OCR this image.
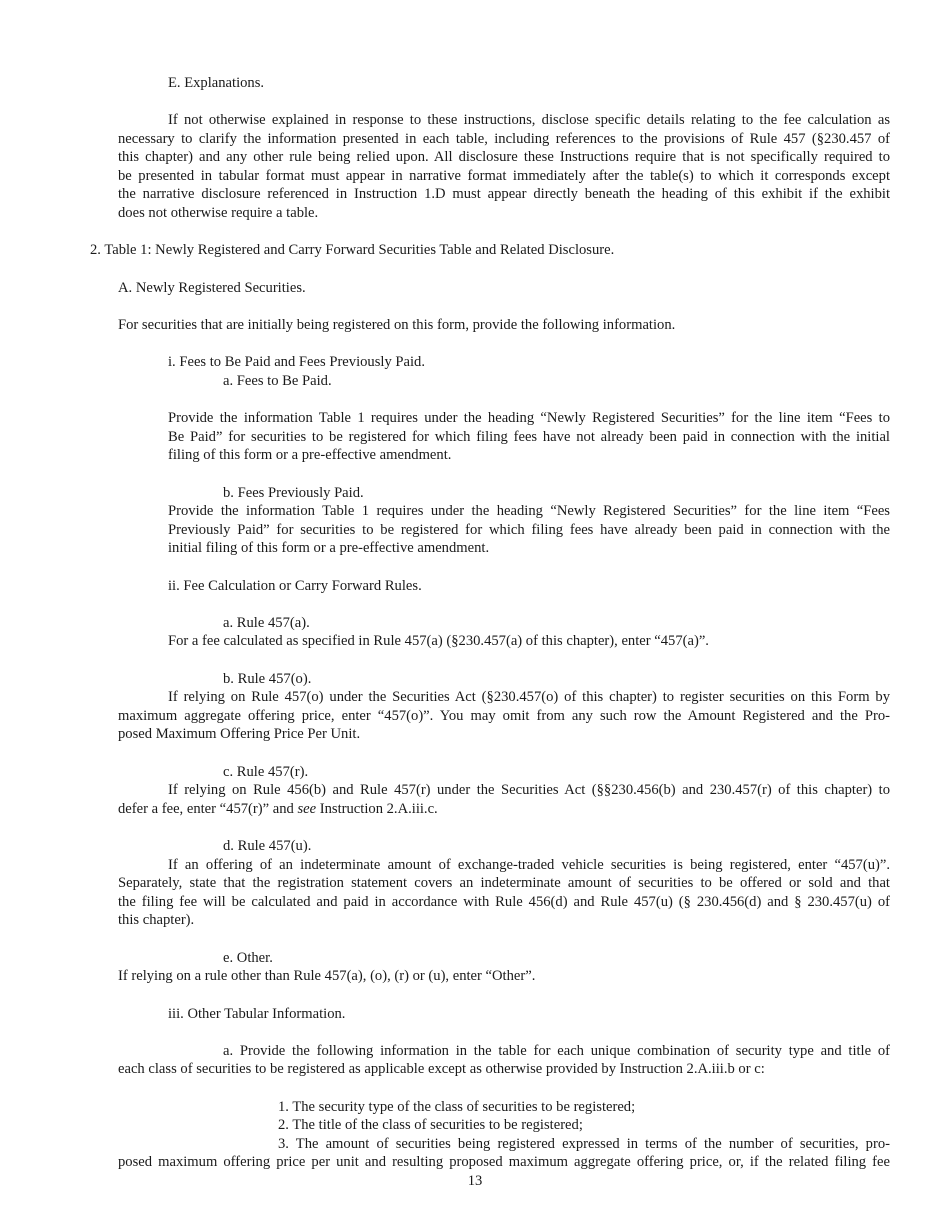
E. Explanations.
If not otherwise explained in response to these instructions, disclose specific details relating to the fee calculation as
necessary to clarify the information presented in each table, including references to the provisions of Rule 457 (§230.457 of
this chapter) and any other rule being relied upon. All disclosure these Instructions require that is not specifically required to
be presented in tabular format must appear in narrative format immediately after the table(s) to which it corresponds except
the narrative disclosure referenced in Instruction 1.D must appear directly beneath the heading of this exhibit if the exhibit
does not otherwise require a table.
2. Table 1: Newly Registered and Carry Forward Securities Table and Related Disclosure.
A. Newly Registered Securities.
For securities that are initially being registered on this form, provide the following information.
i. Fees to Be Paid and Fees Previously Paid.
a. Fees to Be Paid.
Provide the information Table 1 requires under the heading “Newly Registered Securities” for the line item “Fees to
Be Paid” for securities to be registered for which filing fees have not already been paid in connection with the initial
filing of this form or a pre-effective amendment.
b. Fees Previously Paid.
Provide the information Table 1 requires under the heading “Newly Registered Securities” for the line item “Fees
Previously Paid” for securities to be registered for which filing fees have already been paid in connection with the
initial filing of this form or a pre-effective amendment.
ii. Fee Calculation or Carry Forward Rules.
a. Rule 457(a).
For a fee calculated as specified in Rule 457(a) (§230.457(a) of this chapter), enter “457(a)”.
b. Rule 457(o).
If relying on Rule 457(o) under the Securities Act (§230.457(o) of this chapter) to register securities on this Form by
maximum aggregate offering price, enter “457(o)”. You may omit from any such row the Amount Registered and the Pro-
posed Maximum Offering Price Per Unit.
c. Rule 457(r).
If relying on Rule 456(b) and Rule 457(r) under the Securities Act (§§230.456(b) and 230.457(r) of this chapter) to
defer a fee, enter “457(r)” and see Instruction 2.A.iii.c.
d. Rule 457(u).
If an offering of an indeterminate amount of exchange-traded vehicle securities is being registered, enter “457(u)”.
Separately, state that the registration statement covers an indeterminate amount of securities to be offered or sold and that
the filing fee will be calculated and paid in accordance with Rule 456(d) and Rule 457(u) (§ 230.456(d) and § 230.457(u) of
this chapter).
e. Other.
If relying on a rule other than Rule 457(a), (o), (r) or (u), enter “Other”.
iii. Other Tabular Information.
a. Provide the following information in the table for each unique combination of security type and title of
each class of securities to be registered as applicable except as otherwise provided by Instruction 2.A.iii.b or c:
1. The security type of the class of securities to be registered;
2. The title of the class of securities to be registered;
3. The amount of securities being registered expressed in terms of the number of securities, pro-
posed maximum offering price per unit and resulting proposed maximum aggregate offering price, or, if the related filing fee
13
